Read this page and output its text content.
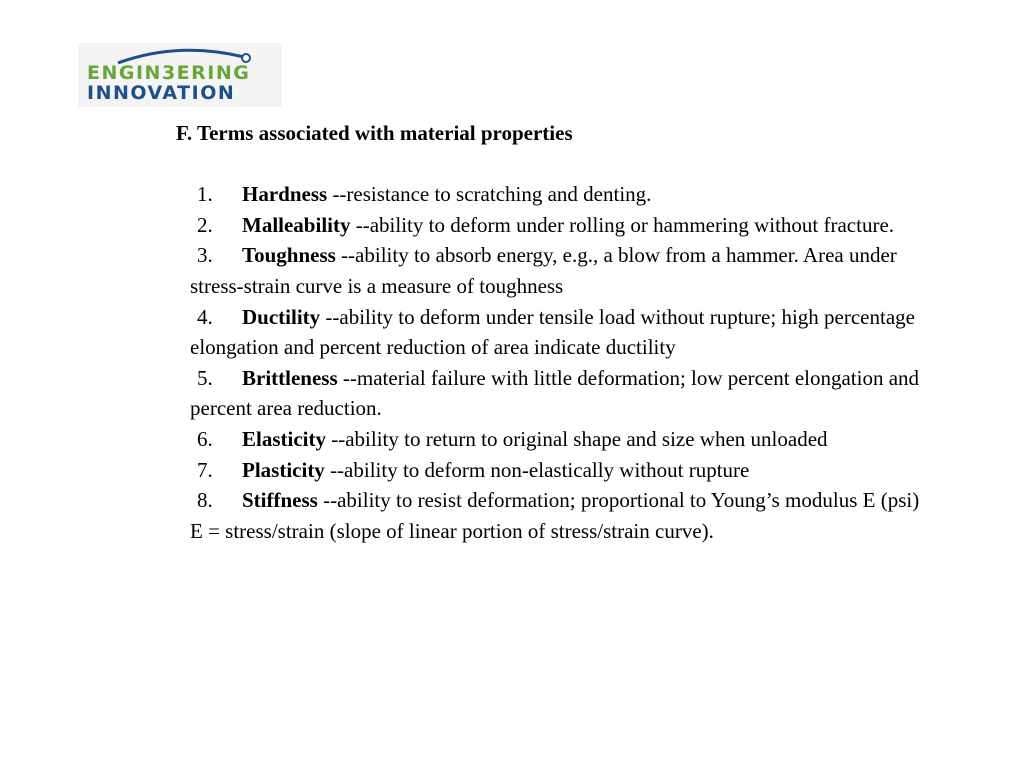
ENGIN3ERING
INNOVATION
F. Terms associated with material properties
1. Hardness --resistance to scratching and denting.
2. Malleability --ability to deform under rolling or hammering without fracture.
3. Toughness --ability to absorb energy, e.g., a blow from a hammer. Area under stress-strain curve is a measure of toughness
4. Ductility --ability to deform under tensile load without rupture; high percentage elongation and percent reduction of area indicate ductility
5. Brittleness --material failure with little deformation; low percent elongation and percent area reduction.
6. Elasticity --ability to return to original shape and size when unloaded
7. Plasticity --ability to deform non-elastically without rupture
8. Stiffness --ability to resist deformation; proportional to Young’s modulus E (psi) E = stress/strain (slope of linear portion of stress/strain curve).
